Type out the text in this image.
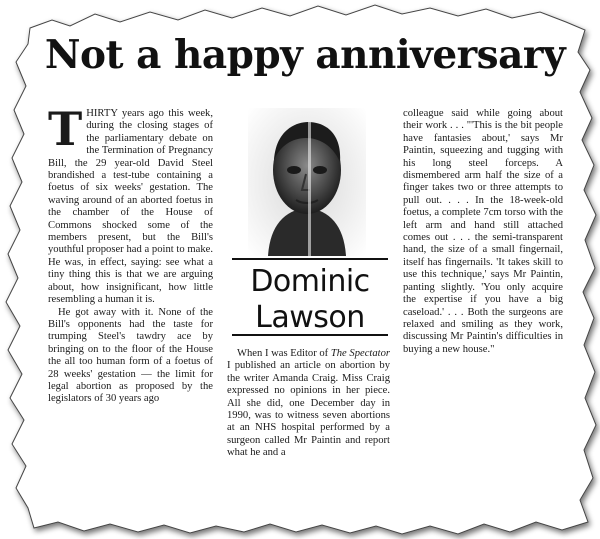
Not a happy anniversary

THIRTY years ago this week, during the closing stages of the parliamentary debate on the Termination of Pregnancy Bill, the 29 year-old David Steel brandished a test-tube containing a foetus of six weeks' gestation. The waving around of an aborted foetus in the chamber of the House of Commons shocked some of the members present, but the Bill's youthful proposer had a point to make. He was, in effect, saying: see what a tiny thing this is that we are arguing about, how insignificant, how little resembling a human it is.

He got away with it. None of the Bill's opponents had the taste for trumping Steel's tawdry ace by bringing on to the floor of the House the all too human form of a foetus of 28 weeks' gestation — the limit for legal abortion as proposed by the legislators of 30 years ago

Dominic
Lawson

When I was Editor of The Spectator I published an article on abortion by the writer Amanda Craig. Miss Craig expressed no opinions in her piece. All she did, one December day in 1990, was to witness seven abortions at an NHS hospital performed by a surgeon called Mr Paintin and report what he and a

colleague said while going about their work . . . "'This is the bit people have fantasies about,' says Mr Paintin, squeezing and tugging with his long steel forceps. A dismembered arm half the size of a finger takes two or three attempts to pull out. . . . In the 18-week-old foetus, a complete 7cm torso with the left arm and hand still attached comes out . . . the semi-transparent hand, the size of a small fingernail, itself has fingernails. 'It takes skill to use this technique,' says Mr Paintin, panting slightly. 'You only acquire the expertise if you have a big caseload.' . . . Both the surgeons are relaxed and smiling as they work, discussing Mr Paintin's difficulties in buying a new house."
